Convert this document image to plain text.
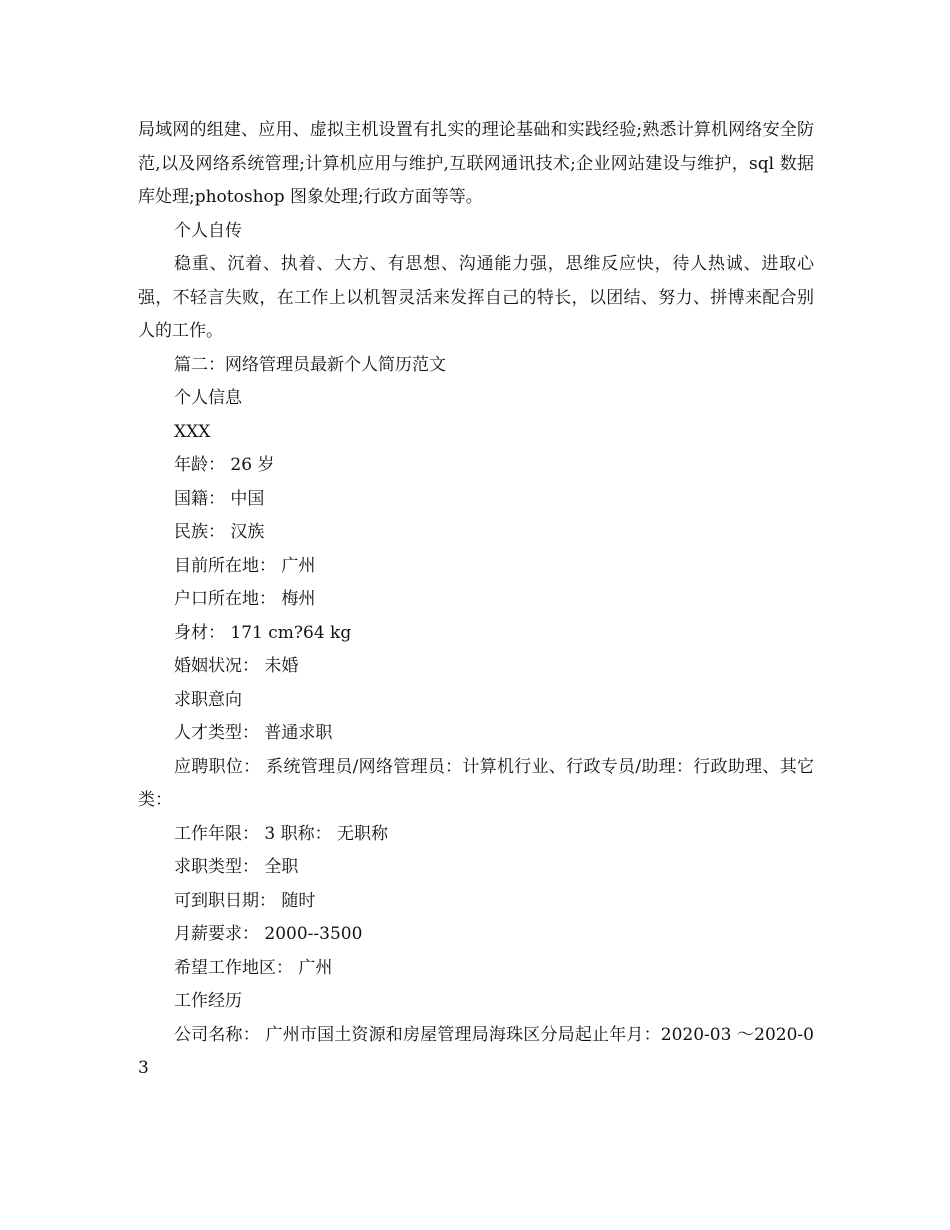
局域网的组建、应用、虚拟主机设置有扎实的理论基础和实践经验;熟悉计算机网络安全防范,以及网络系统管理;计算机应用与维护,互联网通讯技术;企业网站建设与维护，sql 数据库处理;photoshop 图象处理;行政方面等等。

个人自传

稳重、沉着、执着、大方、有思想、沟通能力强，思维反应快，待人热诚、进取心强，不轻言失败，在工作上以机智灵活来发挥自己的特长，以团结、努力、拼博来配合别人的工作。

篇二：网络管理员最新个人简历范文

个人信息

XXX

年龄： 26 岁

国籍： 中国

民族： 汉族

目前所在地： 广州

户口所在地： 梅州

身材： 171 cm?64 kg

婚姻状况： 未婚

求职意向

人才类型： 普通求职

应聘职位： 系统管理员/网络管理员：计算机行业、行政专员/助理：行政助理、其它类：

工作年限： 3 职称： 无职称

求职类型： 全职

可到职日期： 随时

月薪要求： 2000--3500

希望工作地区： 广州

工作经历

公司名称： 广州市国土资源和房屋管理局海珠区分局起止年月：2020-03 ～2020-03
